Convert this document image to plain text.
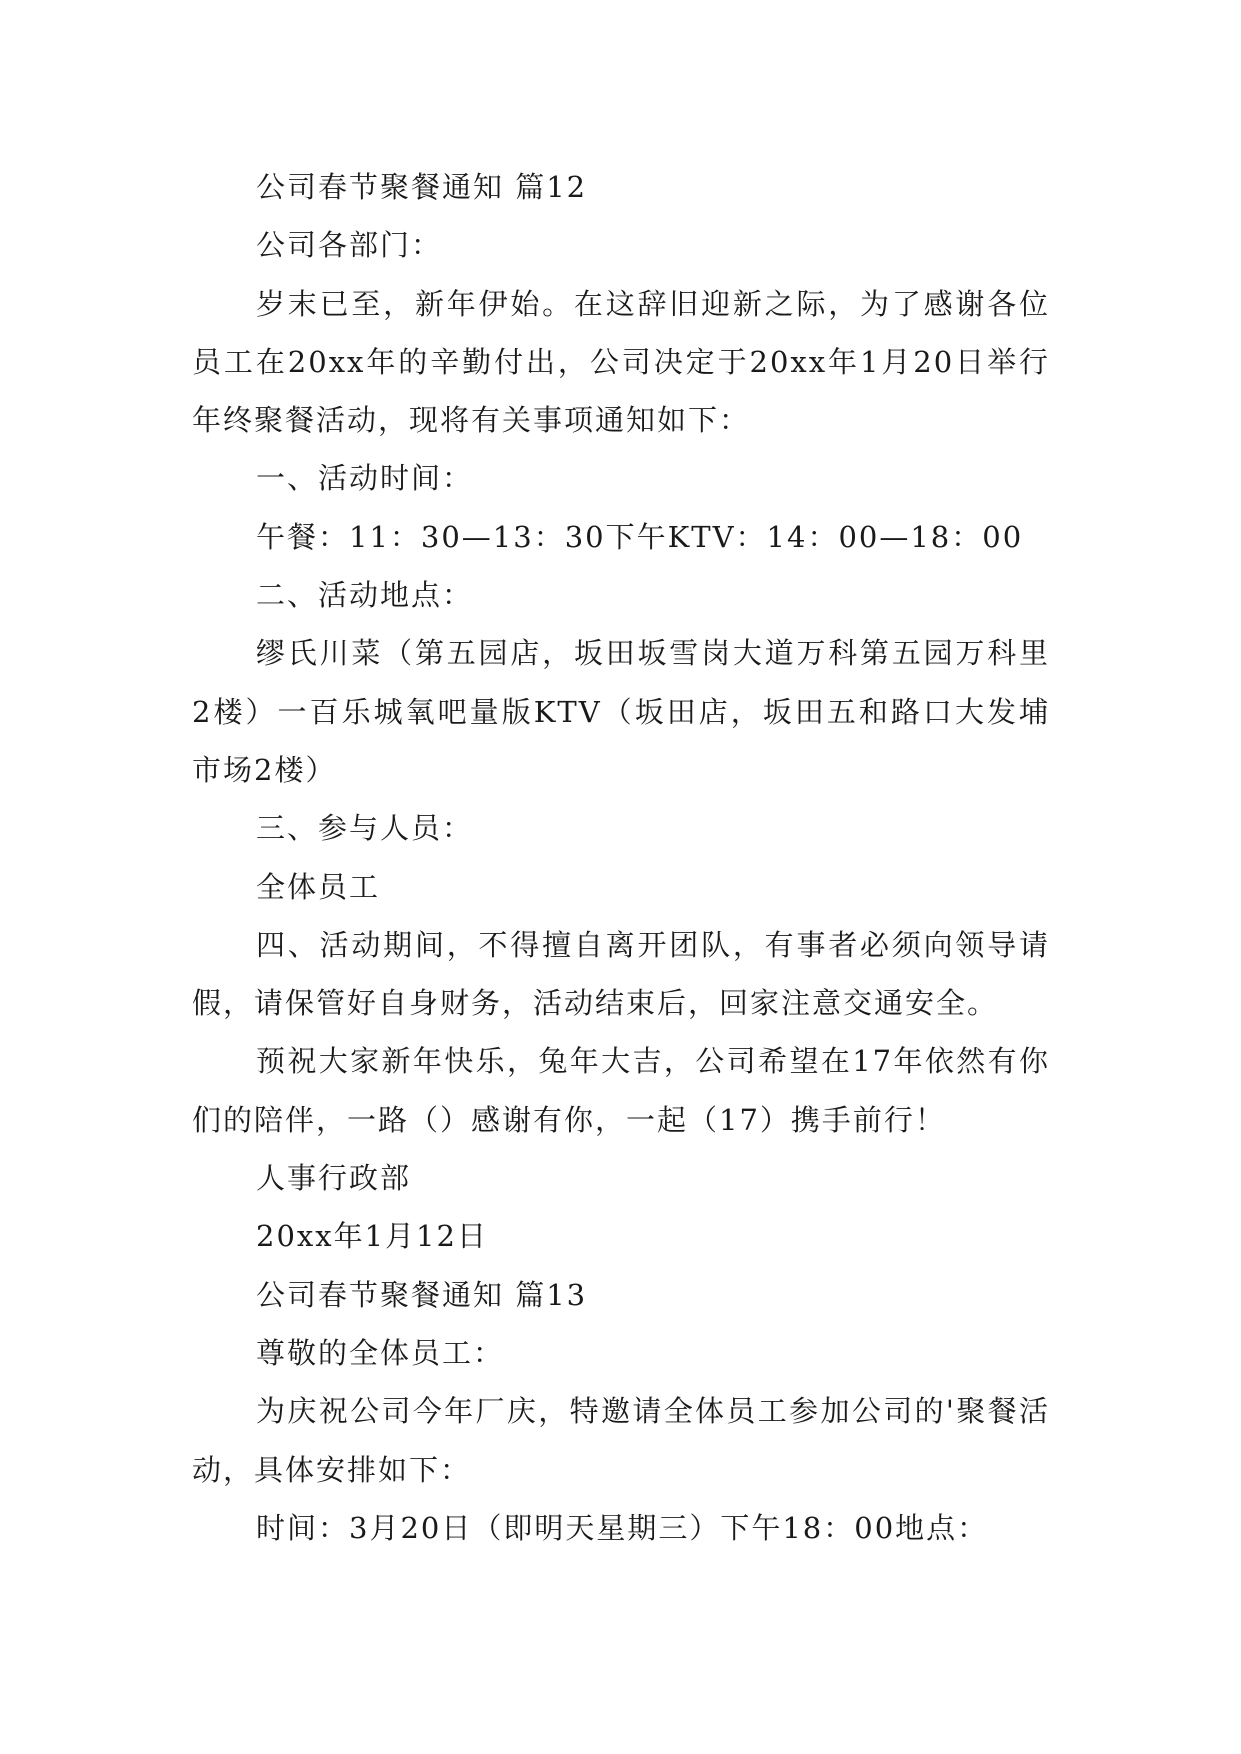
公司春节聚餐通知 篇12

公司各部门：

岁末已至，新年伊始。在这辞旧迎新之际，为了感谢各位员工在20xx年的辛勤付出，公司决定于20xx年1月20日举行年终聚餐活动，现将有关事项通知如下：

一、活动时间：

午餐：11：30—13：30下午KTV：14：00—18：00

二、活动地点：

缪氏川菜（第五园店，坂田坂雪岗大道万科第五园万科里2楼）一百乐城氧吧量版KTV（坂田店，坂田五和路口大发埔市场2楼）

三、参与人员：

全体员工

四、活动期间，不得擅自离开团队，有事者必须向领导请假，请保管好自身财务，活动结束后，回家注意交通安全。

预祝大家新年快乐，兔年大吉，公司希望在17年依然有你们的陪伴，一路（）感谢有你，一起（17）携手前行！

人事行政部

20xx年1月12日

公司春节聚餐通知 篇13

尊敬的全体员工：

为庆祝公司今年厂庆，特邀请全体员工参加公司的'聚餐活动，具体安排如下：

时间：3月20日（即明天星期三）下午18：00地点：
